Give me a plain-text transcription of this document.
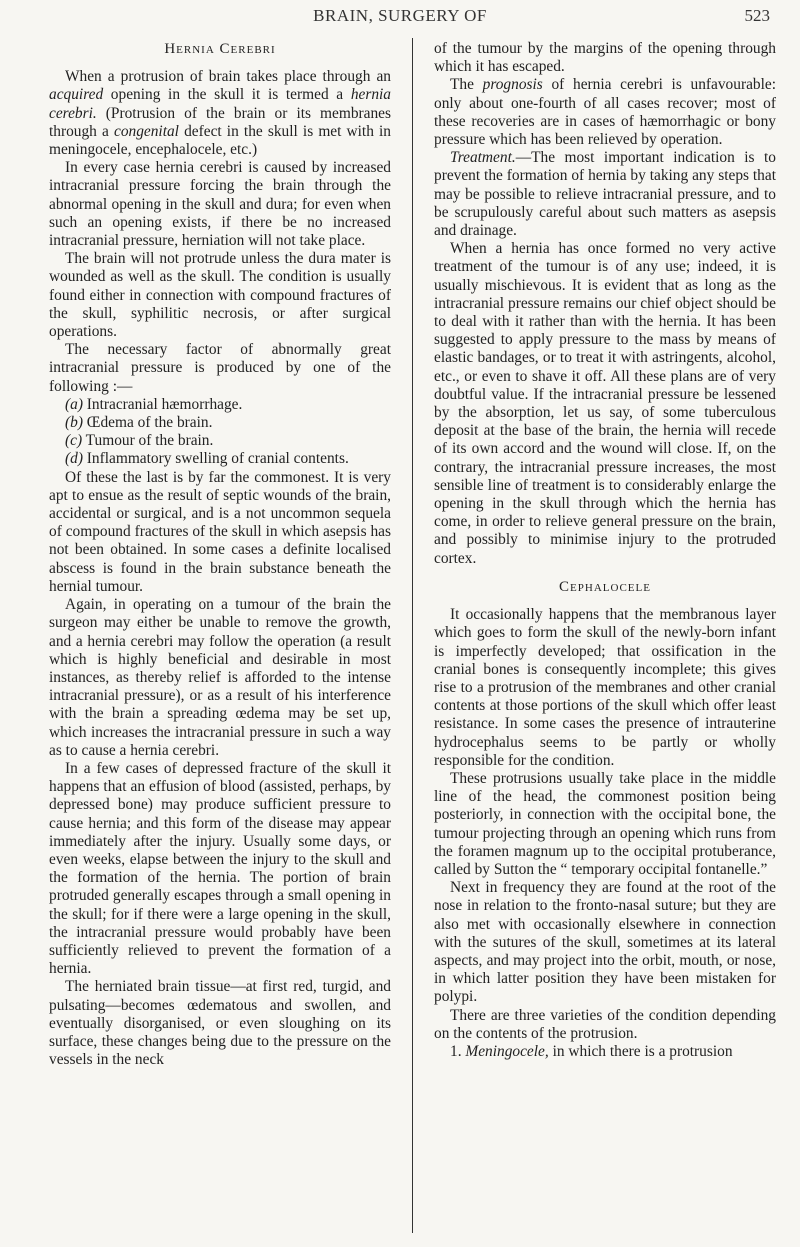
BRAIN, SURGERY OF	523
Hernia Cerebri

When a protrusion of brain takes place through an acquired opening in the skull it is termed a hernia cerebri. (Protrusion of the brain or its membranes through a congenital defect in the skull is met with in meningocele, encephalocele, etc.)

In every case hernia cerebri is caused by increased intracranial pressure forcing the brain through the abnormal opening in the skull and dura; for even when such an opening exists, if there be no increased intracranial pressure, herniation will not take place.

The brain will not protrude unless the dura mater is wounded as well as the skull. The condition is usually found either in connection with compound fractures of the skull, syphilitic necrosis, or after surgical operations.

The necessary factor of abnormally great intracranial pressure is produced by one of the following :—

(a) Intracranial hæmorrhage.

(b) Œdema of the brain.

(c) Tumour of the brain.

(d) Inflammatory swelling of cranial contents.

Of these the last is by far the commonest. It is very apt to ensue as the result of septic wounds of the brain, accidental or surgical, and is a not uncommon sequela of compound fractures of the skull in which asepsis has not been obtained. In some cases a definite localised abscess is found in the brain substance beneath the hernial tumour.

Again, in operating on a tumour of the brain the surgeon may either be unable to remove the growth, and a hernia cerebri may follow the operation (a result which is highly beneficial and desirable in most instances, as thereby relief is afforded to the intense intracranial pressure), or as a result of his interference with the brain a spreading œdema may be set up, which increases the intracranial pressure in such a way as to cause a hernia cerebri.

In a few cases of depressed fracture of the skull it happens that an effusion of blood (assisted, perhaps, by depressed bone) may produce sufficient pressure to cause hernia; and this form of the disease may appear immediately after the injury. Usually some days, or even weeks, elapse between the injury to the skull and the formation of the hernia. The portion of brain protruded generally escapes through a small opening in the skull; for if there were a large opening in the skull, the intracranial pressure would probably have been sufficiently relieved to prevent the formation of a hernia.

The herniated brain tissue—at first red, turgid, and pulsating—becomes œdematous and swollen, and eventually disorganised, or even sloughing on its surface, these changes being due to the pressure on the vessels in the neck

of the tumour by the margins of the opening through which it has escaped.

The prognosis of hernia cerebri is unfavourable: only about one-fourth of all cases recover; most of these recoveries are in cases of hæmorrhagic or bony pressure which has been relieved by operation.

Treatment.—The most important indication is to prevent the formation of hernia by taking any steps that may be possible to relieve intracranial pressure, and to be scrupulously careful about such matters as asepsis and drainage.

When a hernia has once formed no very active treatment of the tumour is of any use; indeed, it is usually mischievous. It is evident that as long as the intracranial pressure remains our chief object should be to deal with it rather than with the hernia. It has been suggested to apply pressure to the mass by means of elastic bandages, or to treat it with astringents, alcohol, etc., or even to shave it off. All these plans are of very doubtful value. If the intracranial pressure be lessened by the absorption, let us say, of some tuberculous deposit at the base of the brain, the hernia will recede of its own accord and the wound will close. If, on the contrary, the intracranial pressure increases, the most sensible line of treatment is to considerably enlarge the opening in the skull through which the hernia has come, in order to relieve general pressure on the brain, and possibly to minimise injury to the protruded cortex.

Cephalocele

It occasionally happens that the membranous layer which goes to form the skull of the newly-born infant is imperfectly developed; that ossification in the cranial bones is consequently incomplete; this gives rise to a protrusion of the membranes and other cranial contents at those portions of the skull which offer least resistance. In some cases the presence of intrauterine hydrocephalus seems to be partly or wholly responsible for the condition.

These protrusions usually take place in the middle line of the head, the commonest position being posteriorly, in connection with the occipital bone, the tumour projecting through an opening which runs from the foramen magnum up to the occipital protuberance, called by Sutton the “ temporary occipital fontanelle.”

Next in frequency they are found at the root of the nose in relation to the fronto-nasal suture; but they are also met with occasionally elsewhere in connection with the sutures of the skull, sometimes at its lateral aspects, and may project into the orbit, mouth, or nose, in which latter position they have been mistaken for polypi.

There are three varieties of the condition depending on the contents of the protrusion.

1. Meningocele, in which there is a protrusion
